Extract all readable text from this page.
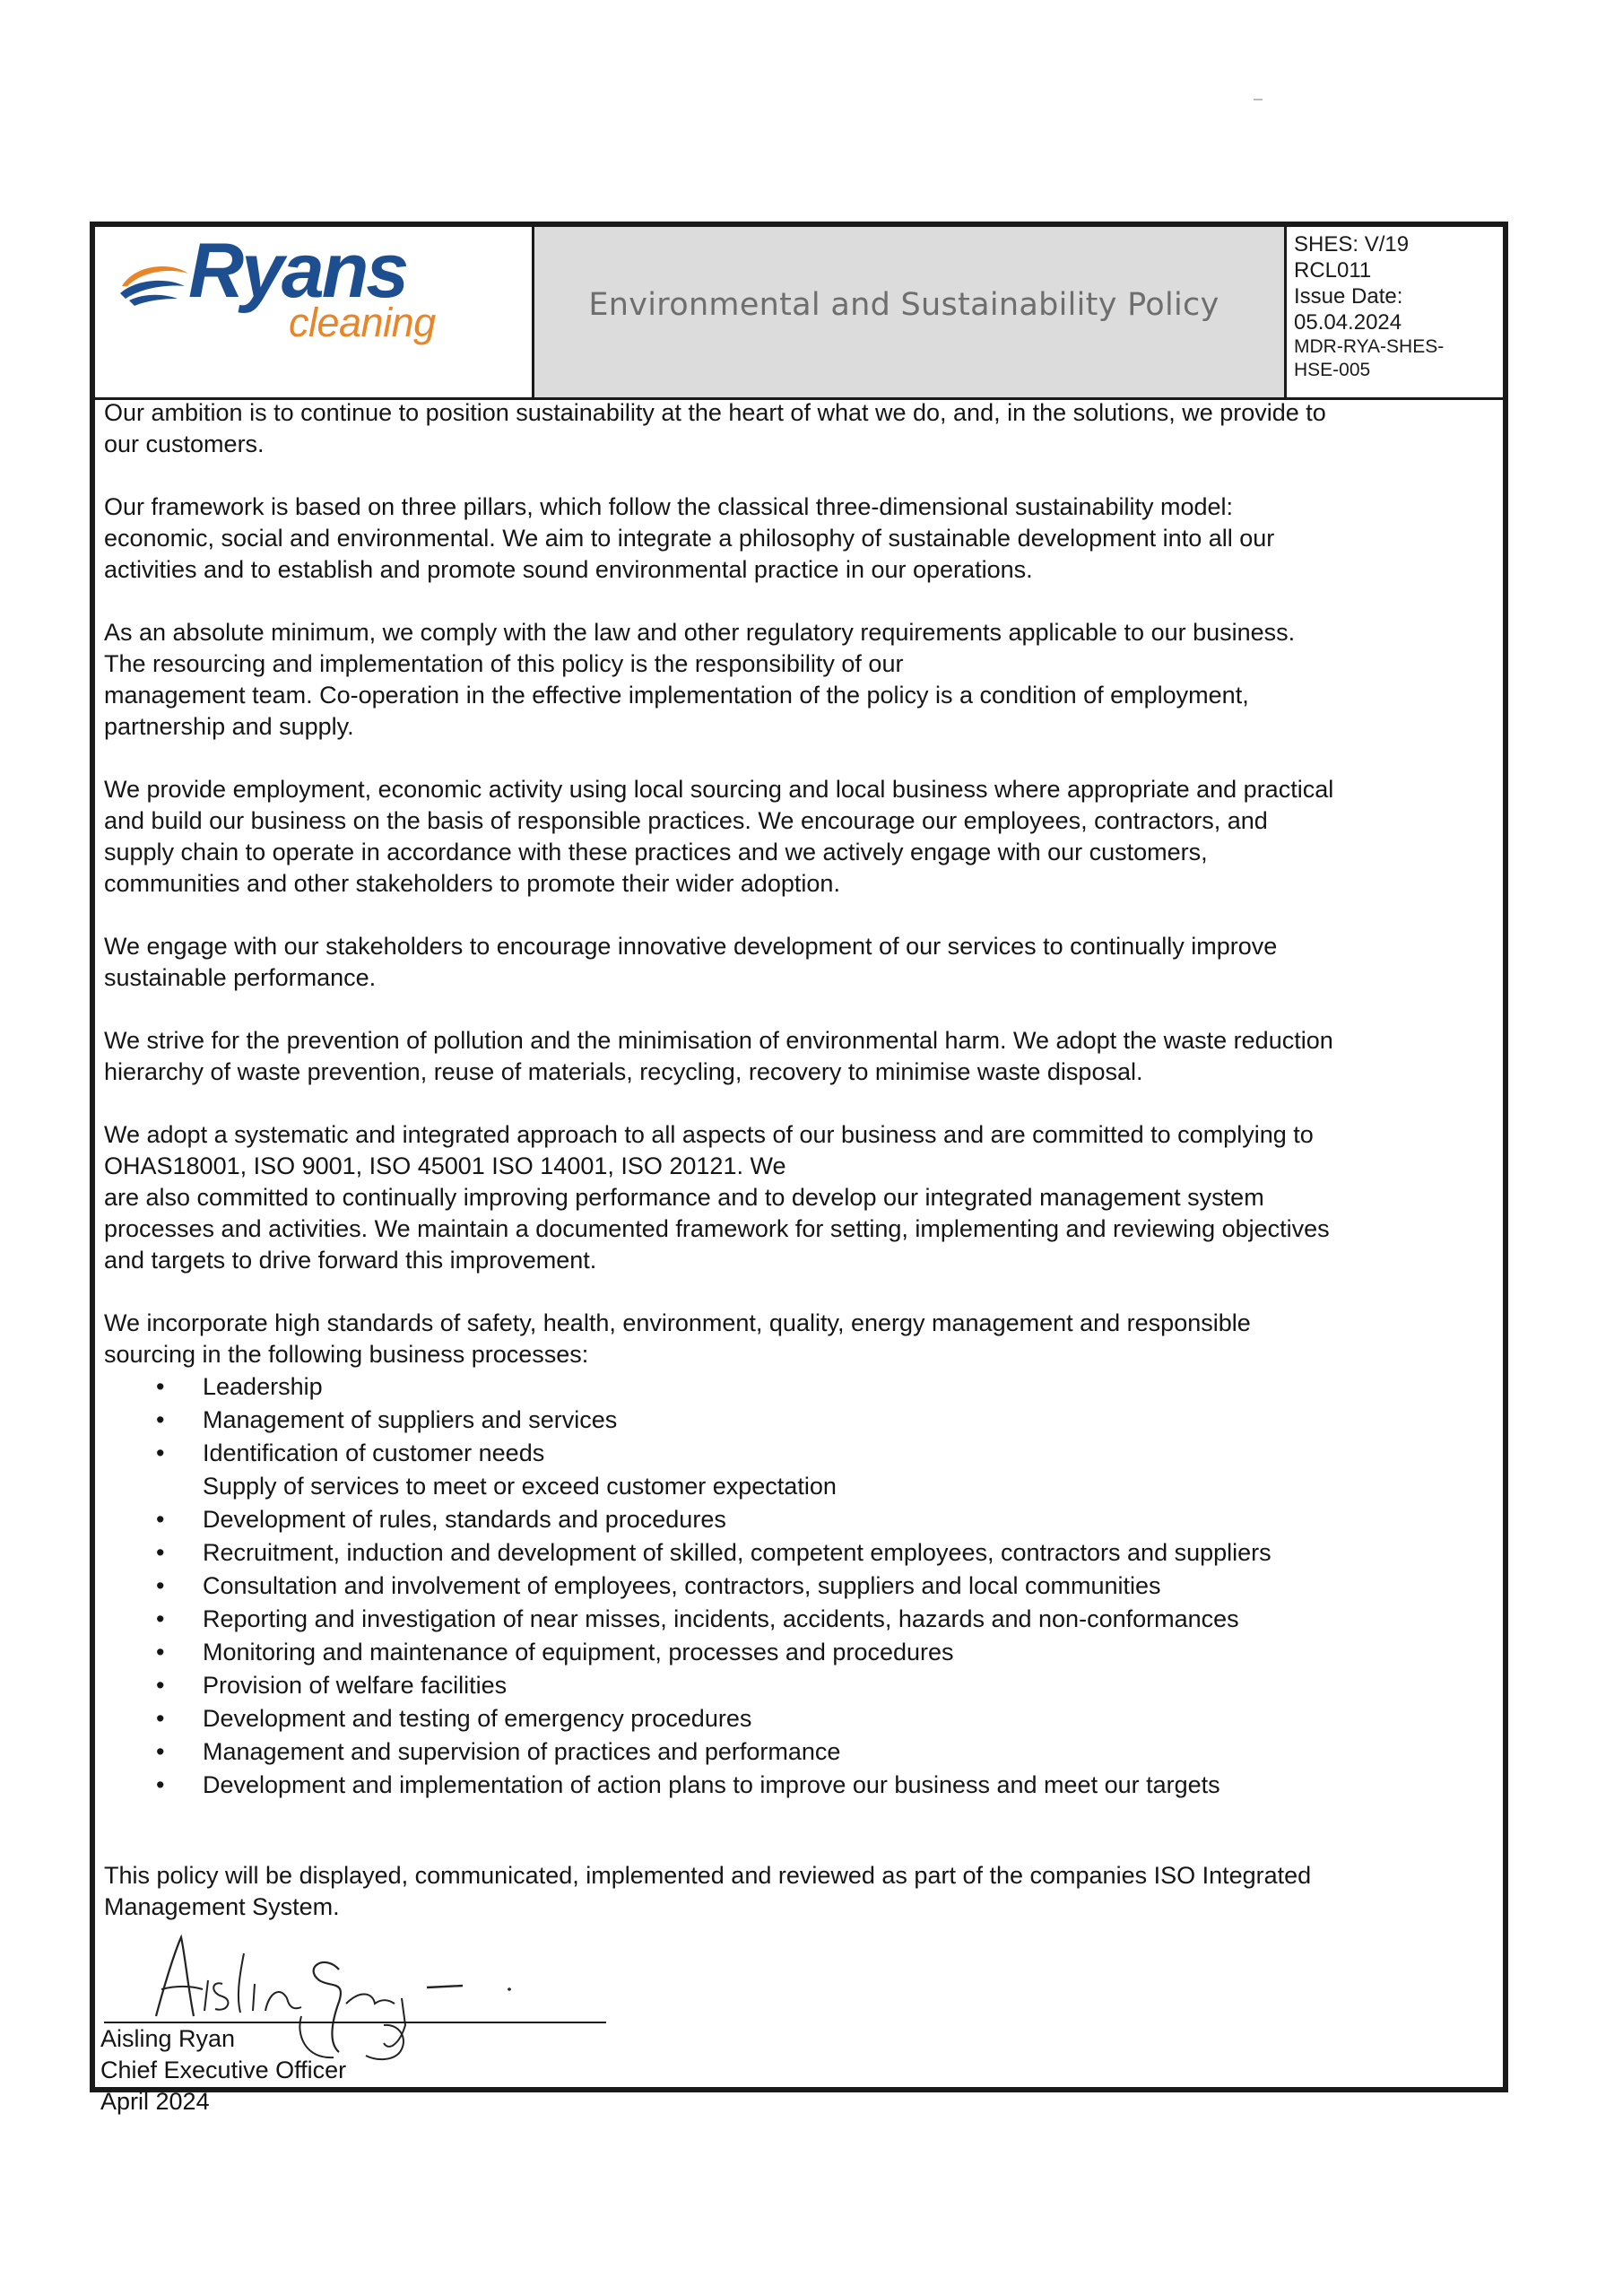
Ryans
cleaning	Environmental and Sustainability Policy
SHES: V/19
RCL011
Issue Date:
05.04.2024
MDR-RYA-SHES-
HSE-005

Our ambition is to continue to position sustainability at the heart of what we do, and, in the solutions, we provide to
our customers.

Our framework is based on three pillars, which follow the classical three-dimensional sustainability model:
economic, social and environmental. We aim to integrate a philosophy of sustainable development into all our
activities and to establish and promote sound environmental practice in our operations.

As an absolute minimum, we comply with the law and other regulatory requirements applicable to our business.
The resourcing and implementation of this policy is the responsibility of our
management team. Co-operation in the effective implementation of the policy is a condition of employment,
partnership and supply.

We provide employment, economic activity using local sourcing and local business where appropriate and practical
and build our business on the basis of responsible practices. We encourage our employees, contractors, and
supply chain to operate in accordance with these practices and we actively engage with our customers,
communities and other stakeholders to promote their wider adoption.

We engage with our stakeholders to encourage innovative development of our services to continually improve
sustainable performance.

We strive for the prevention of pollution and the minimisation of environmental harm. We adopt the waste reduction
hierarchy of waste prevention, reuse of materials, recycling, recovery to minimise waste disposal.

We adopt a systematic and integrated approach to all aspects of our business and are committed to complying to
OHAS18001, ISO 9001, ISO 45001 ISO 14001, ISO 20121. We
are also committed to continually improving performance and to develop our integrated management system
processes and activities. We maintain a documented framework for setting, implementing and reviewing objectives
and targets to drive forward this improvement.

We incorporate high standards of safety, health, environment, quality, energy management and responsible
sourcing in the following business processes:

• Leadership
• Management of suppliers and services
• Identification of customer needs
Supply of services to meet or exceed customer expectation
• Development of rules, standards and procedures
• Recruitment, induction and development of skilled, competent employees, contractors and suppliers
• Consultation and involvement of employees, contractors, suppliers and local communities
• Reporting and investigation of near misses, incidents, accidents, hazards and non-conformances
• Monitoring and maintenance of equipment, processes and procedures
• Provision of welfare facilities
• Development and testing of emergency procedures
• Management and supervision of practices and performance
• Development and implementation of action plans to improve our business and meet our targets

This policy will be displayed, communicated, implemented and reviewed as part of the companies ISO Integrated
Management System.

Aisling Ryan
Chief Executive Officer
April 2024
